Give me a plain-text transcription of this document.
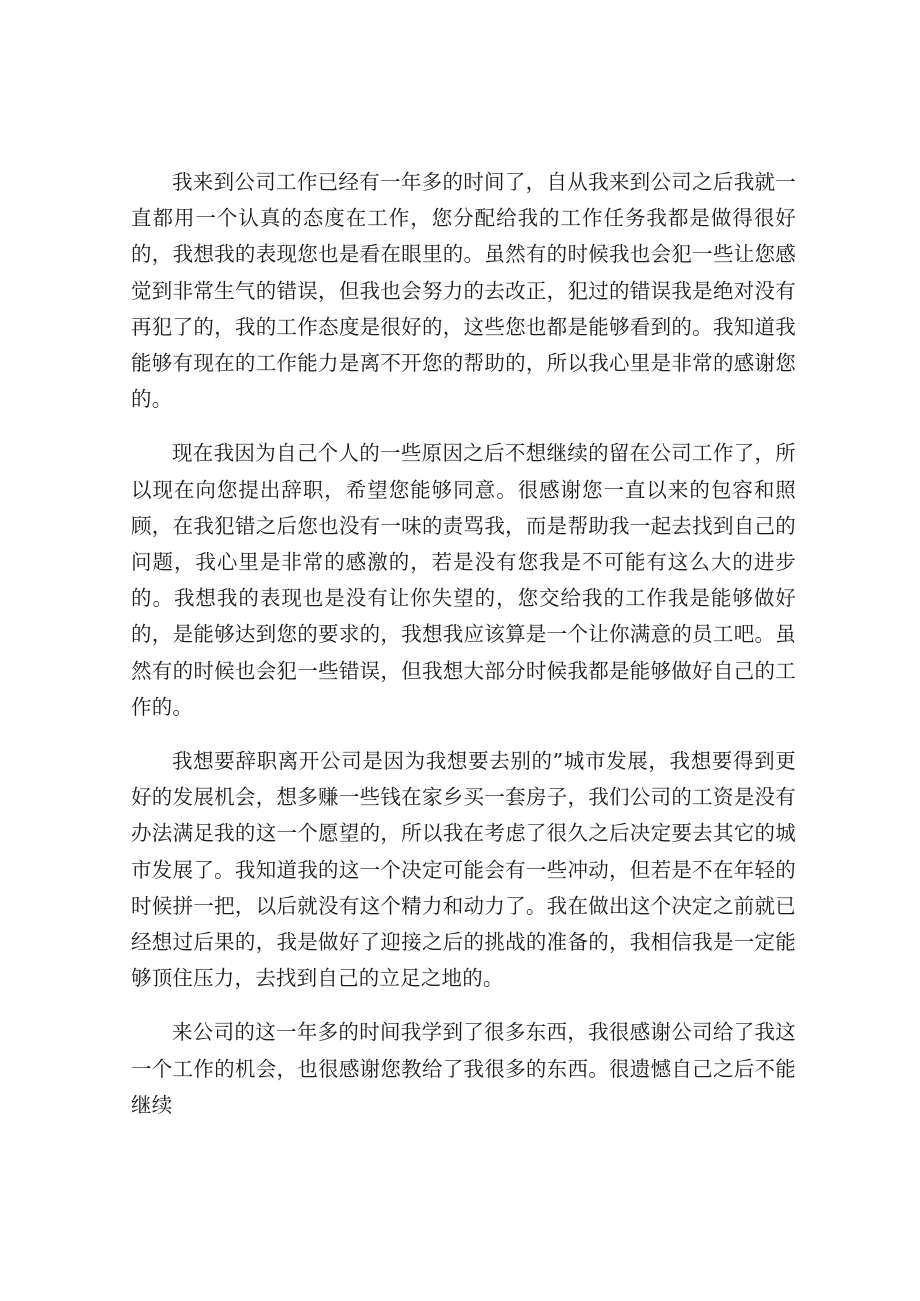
我来到公司工作已经有一年多的时间了，自从我来到公司之后我就一直都用一个认真的态度在工作，您分配给我的工作任务我都是做得很好的，我想我的表现您也是看在眼里的。虽然有的时候我也会犯一些让您感觉到非常生气的错误，但我也会努力的去改正，犯过的错误我是绝对没有再犯了的，我的工作态度是很好的，这些您也都是能够看到的。我知道我能够有现在的工作能力是离不开您的帮助的，所以我心里是非常的感谢您的。

现在我因为自己个人的一些原因之后不想继续的留在公司工作了，所以现在向您提出辞职，希望您能够同意。很感谢您一直以来的包容和照顾，在我犯错之后您也没有一味的责骂我，而是帮助我一起去找到自己的问题，我心里是非常的感激的，若是没有您我是不可能有这么大的进步的。我想我的表现也是没有让你失望的，您交给我的工作我是能够做好的，是能够达到您的要求的，我想我应该算是一个让你满意的员工吧。虽然有的时候也会犯一些错误，但我想大部分时候我都是能够做好自己的工作的。

我想要辞职离开公司是因为我想要去别的”城市发展，我想要得到更好的发展机会，想多赚一些钱在家乡买一套房子，我们公司的工资是没有办法满足我的这一个愿望的，所以我在考虑了很久之后决定要去其它的城市发展了。我知道我的这一个决定可能会有一些冲动，但若是不在年轻的时候拼一把，以后就没有这个精力和动力了。我在做出这个决定之前就已经想过后果的，我是做好了迎接之后的挑战的准备的，我相信我是一定能够顶住压力，去找到自己的立足之地的。

来公司的这一年多的时间我学到了很多东西，我很感谢公司给了我这一个工作的机会，也很感谢您教给了我很多的东西。很遗憾自己之后不能继续
